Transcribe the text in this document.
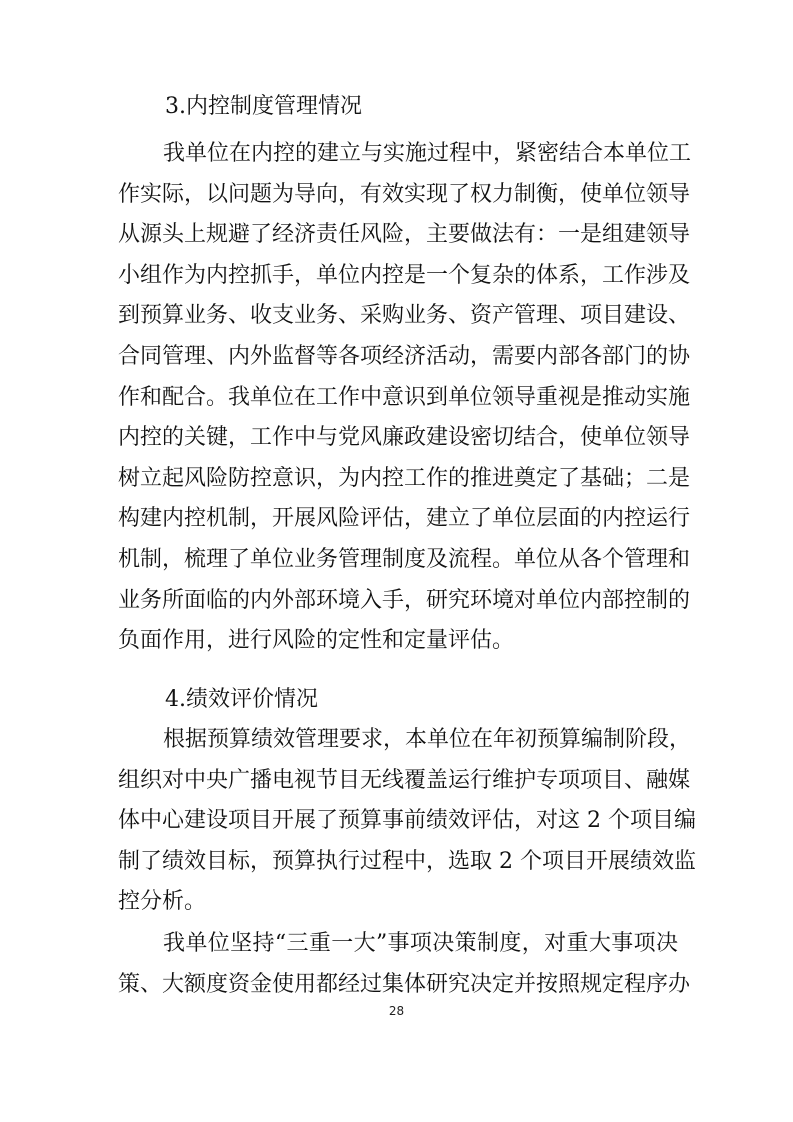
3.内控制度管理情况
我单位在内控的建立与实施过程中，紧密结合本单位工
作实际，以问题为导向，有效实现了权力制衡，使单位领导
从源头上规避了经济责任风险，主要做法有：一是组建领导
小组作为内控抓手，单位内控是一个复杂的体系，工作涉及
到预算业务、收支业务、采购业务、资产管理、项目建设、
合同管理、内外监督等各项经济活动，需要内部各部门的协
作和配合。我单位在工作中意识到单位领导重视是推动实施
内控的关键，工作中与党风廉政建设密切结合，使单位领导
树立起风险防控意识，为内控工作的推进奠定了基础；二是
构建内控机制，开展风险评估，建立了单位层面的内控运行
机制，梳理了单位业务管理制度及流程。单位从各个管理和
业务所面临的内外部环境入手，研究环境对单位内部控制的
负面作用，进行风险的定性和定量评估。
4.绩效评价情况
根据预算绩效管理要求，本单位在年初预算编制阶段，
组织对中央广播电视节目无线覆盖运行维护专项项目、融媒
体中心建设项目开展了预算事前绩效评估，对这 2 个项目编
制了绩效目标，预算执行过程中，选取 2 个项目开展绩效监
控分析。
我单位坚持“三重一大”事项决策制度，对重大事项决
策、大额度资金使用都经过集体研究决定并按照规定程序办
28
